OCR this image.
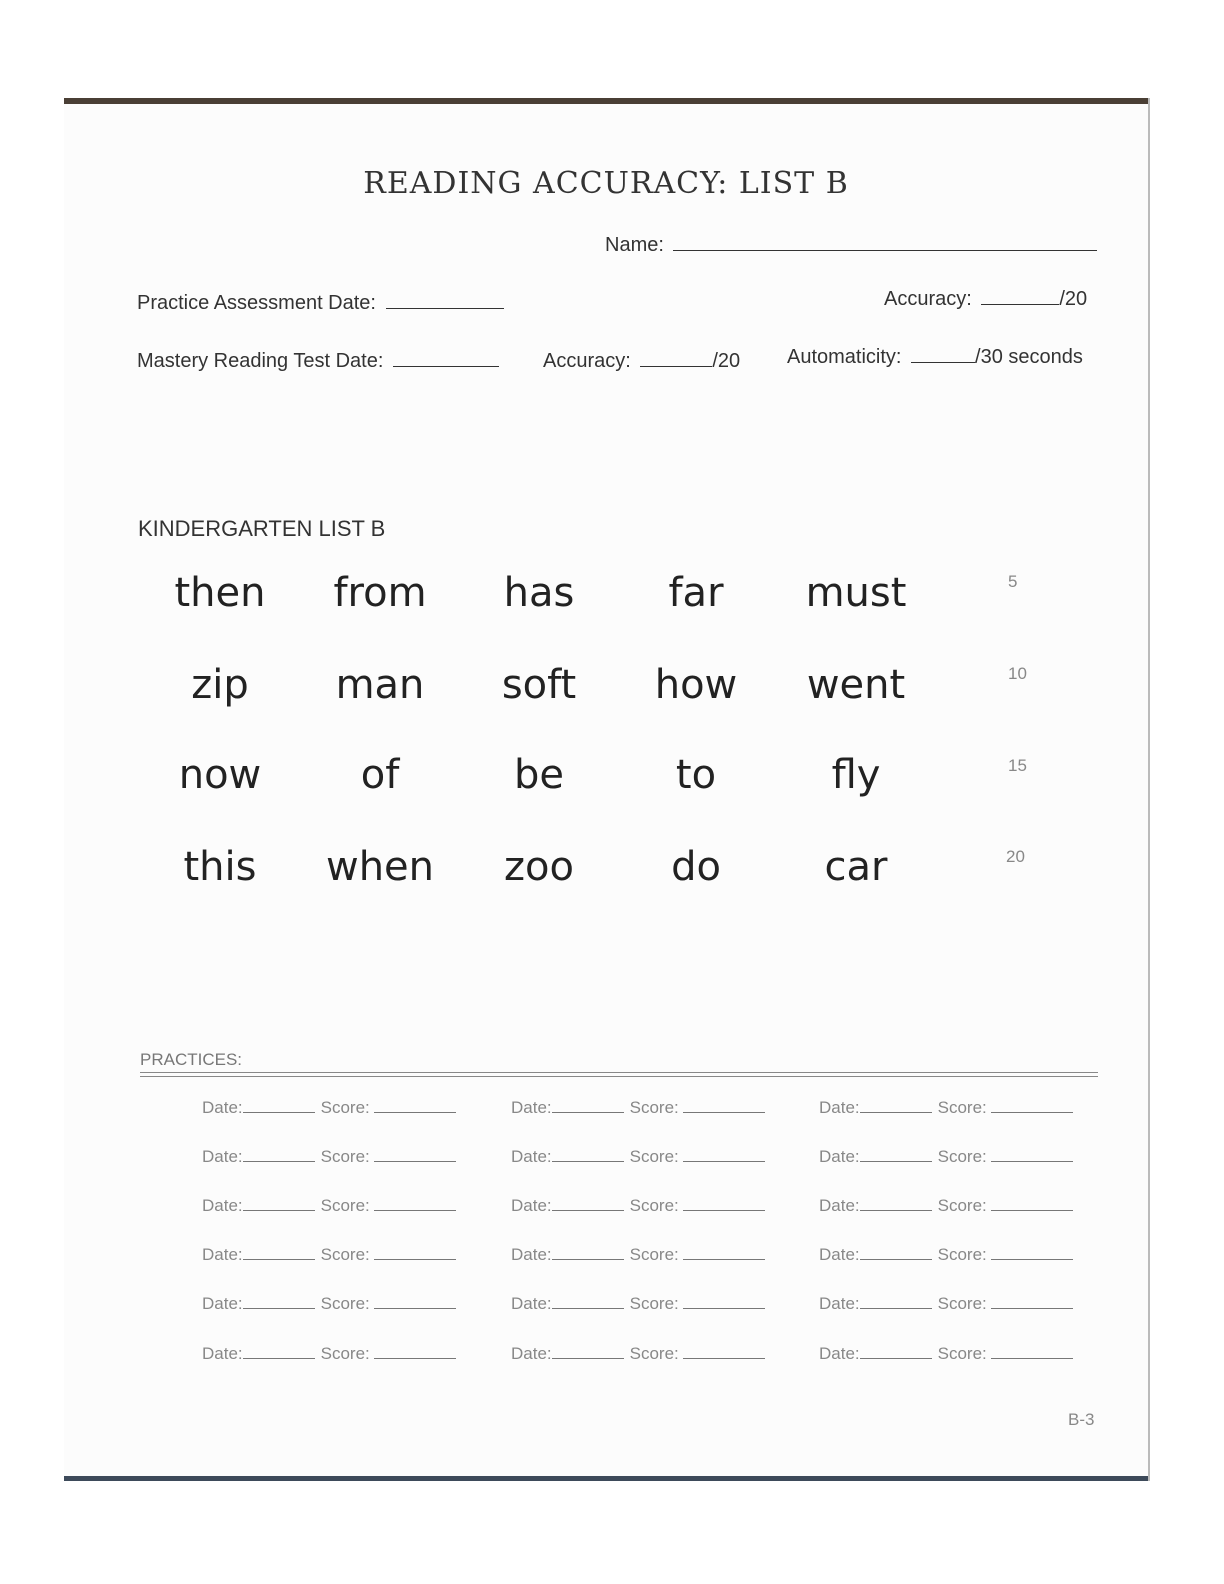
READING ACCURACY: LIST B
Name:
Practice Assessment Date:	Accuracy:	/20
Mastery Reading Test Date:	Accuracy:	/20 Automaticity:	/30 seconds
KINDERGARTEN LIST B
then	from	has	far	must	5
zip	man	soft	how	went	10
now	of	be	to	fly	15
this	when	zoo	do	car	20
PRACTICES:
Date:	Score:	Date:	Score:	Date:	Score:
Date:	Score:	Date:	Score:	Date:	Score:
Date:	Score:	Date:	Score:	Date:	Score:
Date:	Score:	Date:	Score:	Date:	Score:
Date:	Score:	Date:	Score:	Date:	Score:
Date:	Score:	Date:	Score:	Date:	Score:
B-3
